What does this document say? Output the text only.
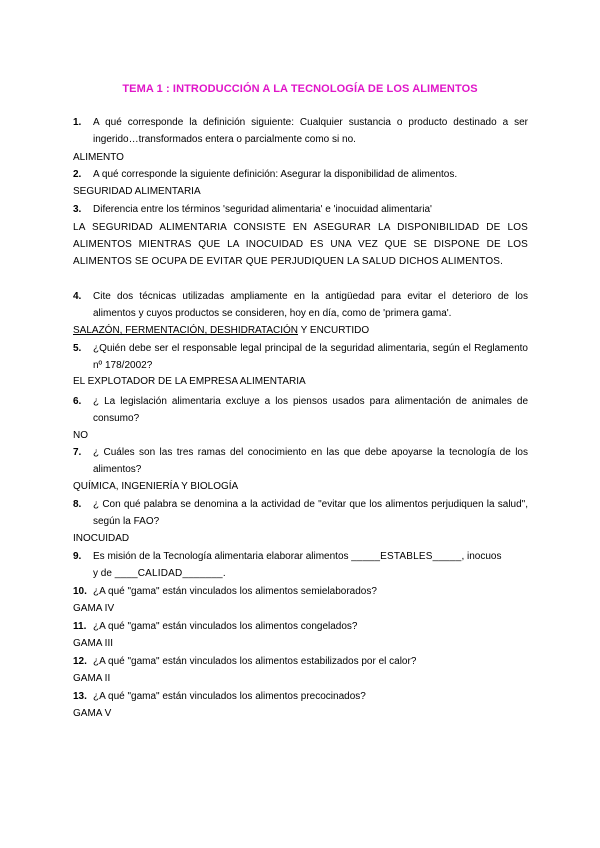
TEMA 1 : INTRODUCCIÓN A LA TECNOLOGÍA DE LOS ALIMENTOS
1.	A qué corresponde la definición siguiente: Cualquier sustancia o producto destinado a ser ingerido…transformados entera o parcialmente como si no.
ALIMENTO
2.	A qué corresponde la siguiente definición: Asegurar la disponibilidad de alimentos.
SEGURIDAD ALIMENTARIA
3.	Diferencia entre los términos 'seguridad alimentaria' e 'inocuidad alimentaria'
LA SEGURIDAD ALIMENTARIA CONSISTE EN ASEGURAR LA DISPONIBILIDAD DE LOS
ALIMENTOS MIENTRAS QUE LA INOCUIDAD ES UNA VEZ QUE SE DISPONE DE LOS
ALIMENTOS SE OCUPA DE EVITAR QUE PERJUDIQUEN LA SALUD DICHOS ALIMENTOS.
4.	Cite dos técnicas utilizadas ampliamente en la antigüedad para evitar el deterioro de los alimentos y cuyos productos se consideren, hoy en día, como de 'primera gama'.
SALAZÓN, FERMENTACIÓN, DESHIDRATACIÓN Y ENCURTIDO
5.	¿Quién debe ser el responsable legal principal de la seguridad alimentaria, según el Reglamento nº 178/2002?
EL EXPLOTADOR DE LA EMPRESA ALIMENTARIA
6.	¿ La legislación alimentaria excluye a los piensos usados para alimentación de animales de consumo?
NO
7.	¿ Cuáles son las tres ramas del conocimiento en las que debe apoyarse la tecnología de los alimentos?
QUÍMICA, INGENIERÍA Y BIOLOGÍA
8.	¿ Con qué palabra se denomina a la actividad de "evitar que los alimentos perjudiquen la salud", según la FAO?
INOCUIDAD
9.	Es misión de la Tecnología alimentaria elaborar alimentos _____ESTABLES_____, inocuos
y de ____CALIDAD_______.
10. ¿A qué "gama" están vinculados los alimentos semielaborados?
GAMA IV
11. ¿A qué "gama" están vinculados los alimentos congelados?
GAMA III
12. ¿A qué "gama" están vinculados los alimentos estabilizados por el calor?
GAMA II
13. ¿A qué "gama" están vinculados los alimentos precocinados?
GAMA V
